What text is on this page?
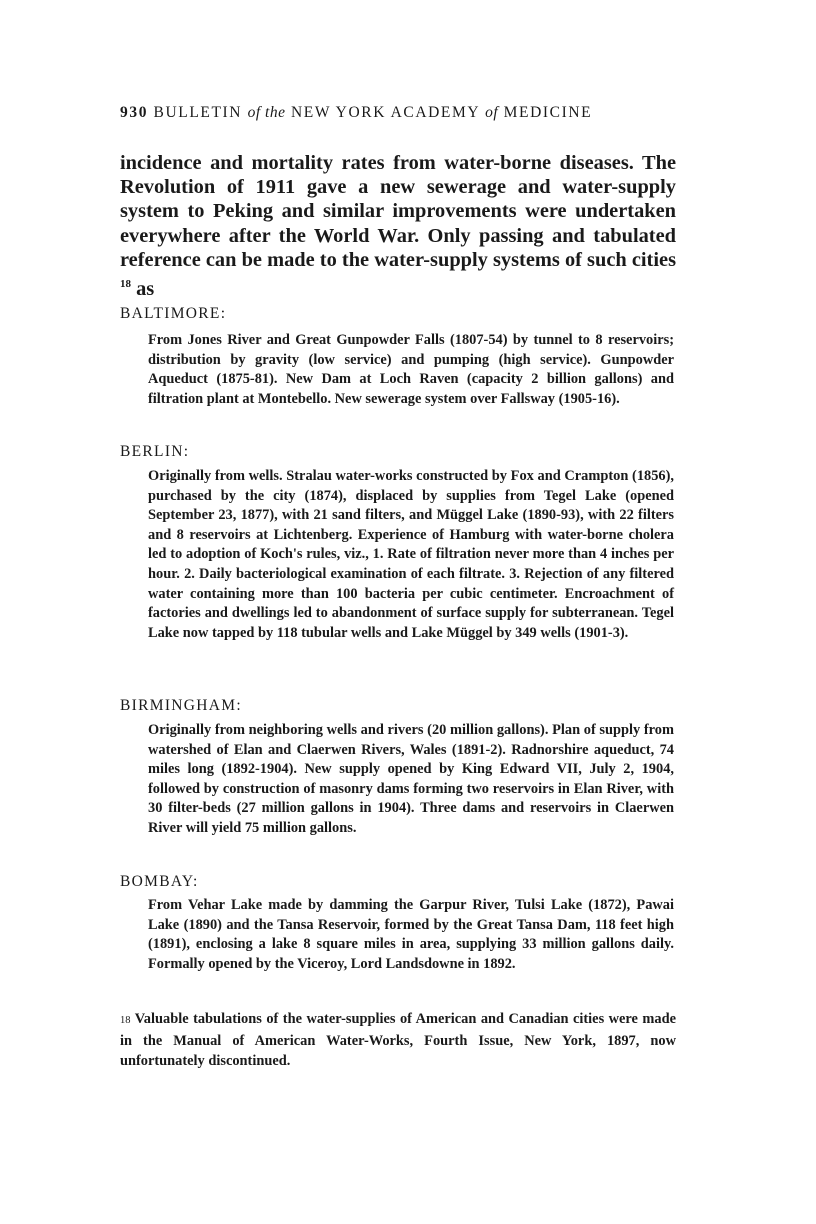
930 BULLETIN of the NEW YORK ACADEMY of MEDICINE
incidence and mortality rates from water-borne diseases. The Revolution of 1911 gave a new sewerage and water-supply system to Peking and similar improvements were undertaken everywhere after the World War. Only passing and tabulated reference can be made to the water-supply systems of such cities $^{18}$ as
BALTIMORE:
From Jones River and Great Gunpowder Falls (1807-54) by tunnel to 8 reservoirs; distribution by gravity (low service) and pumping (high service). Gunpowder Aqueduct (1875-81). New Dam at Loch Raven (capacity 2 billion gallons) and filtration plant at Montebello. New sewerage system over Fallsway (1905-16).
BERLIN:
Originally from wells. Stralau water-works constructed by Fox and Crampton (1856), purchased by the city (1874), displaced by supplies from Tegel Lake (opened September 23, 1877), with 21 sand filters, and Müggel Lake (1890-93), with 22 filters and 8 reservoirs at Lichtenberg. Experience of Hamburg with water-borne cholera led to adoption of Koch's rules, viz., 1. Rate of filtration never more than 4 inches per hour. 2. Daily bacteriological examination of each filtrate. 3. Rejection of any filtered water containing more than 100 bacteria per cubic centimeter. Encroachment of factories and dwellings led to abandonment of surface supply for subterranean. Tegel Lake now tapped by 118 tubular wells and Lake Müggel by 349 wells (1901-3).
BIRMINGHAM:
Originally from neighboring wells and rivers (20 million gallons). Plan of supply from watershed of Elan and Claerwen Rivers, Wales (1891-2). Radnorshire aqueduct, 74 miles long (1892-1904). New supply opened by King Edward VII, July 2, 1904, followed by construction of masonry dams forming two reservoirs in Elan River, with 30 filter-beds (27 million gallons in 1904). Three dams and reservoirs in Claerwen River will yield 75 million gallons.
BOMBAY:
From Vehar Lake made by damming the Garpur River, Tulsi Lake (1872), Pawai Lake (1890) and the Tansa Reservoir, formed by the Great Tansa Dam, 118 feet high (1891), enclosing a lake 8 square miles in area, supplying 33 million gallons daily. Formally opened by the Viceroy, Lord Landsdowne in 1892.
18 Valuable tabulations of the water-supplies of American and Canadian cities were made in the Manual of American Water-Works, Fourth Issue, New York, 1897, now unfortunately discontinued.
